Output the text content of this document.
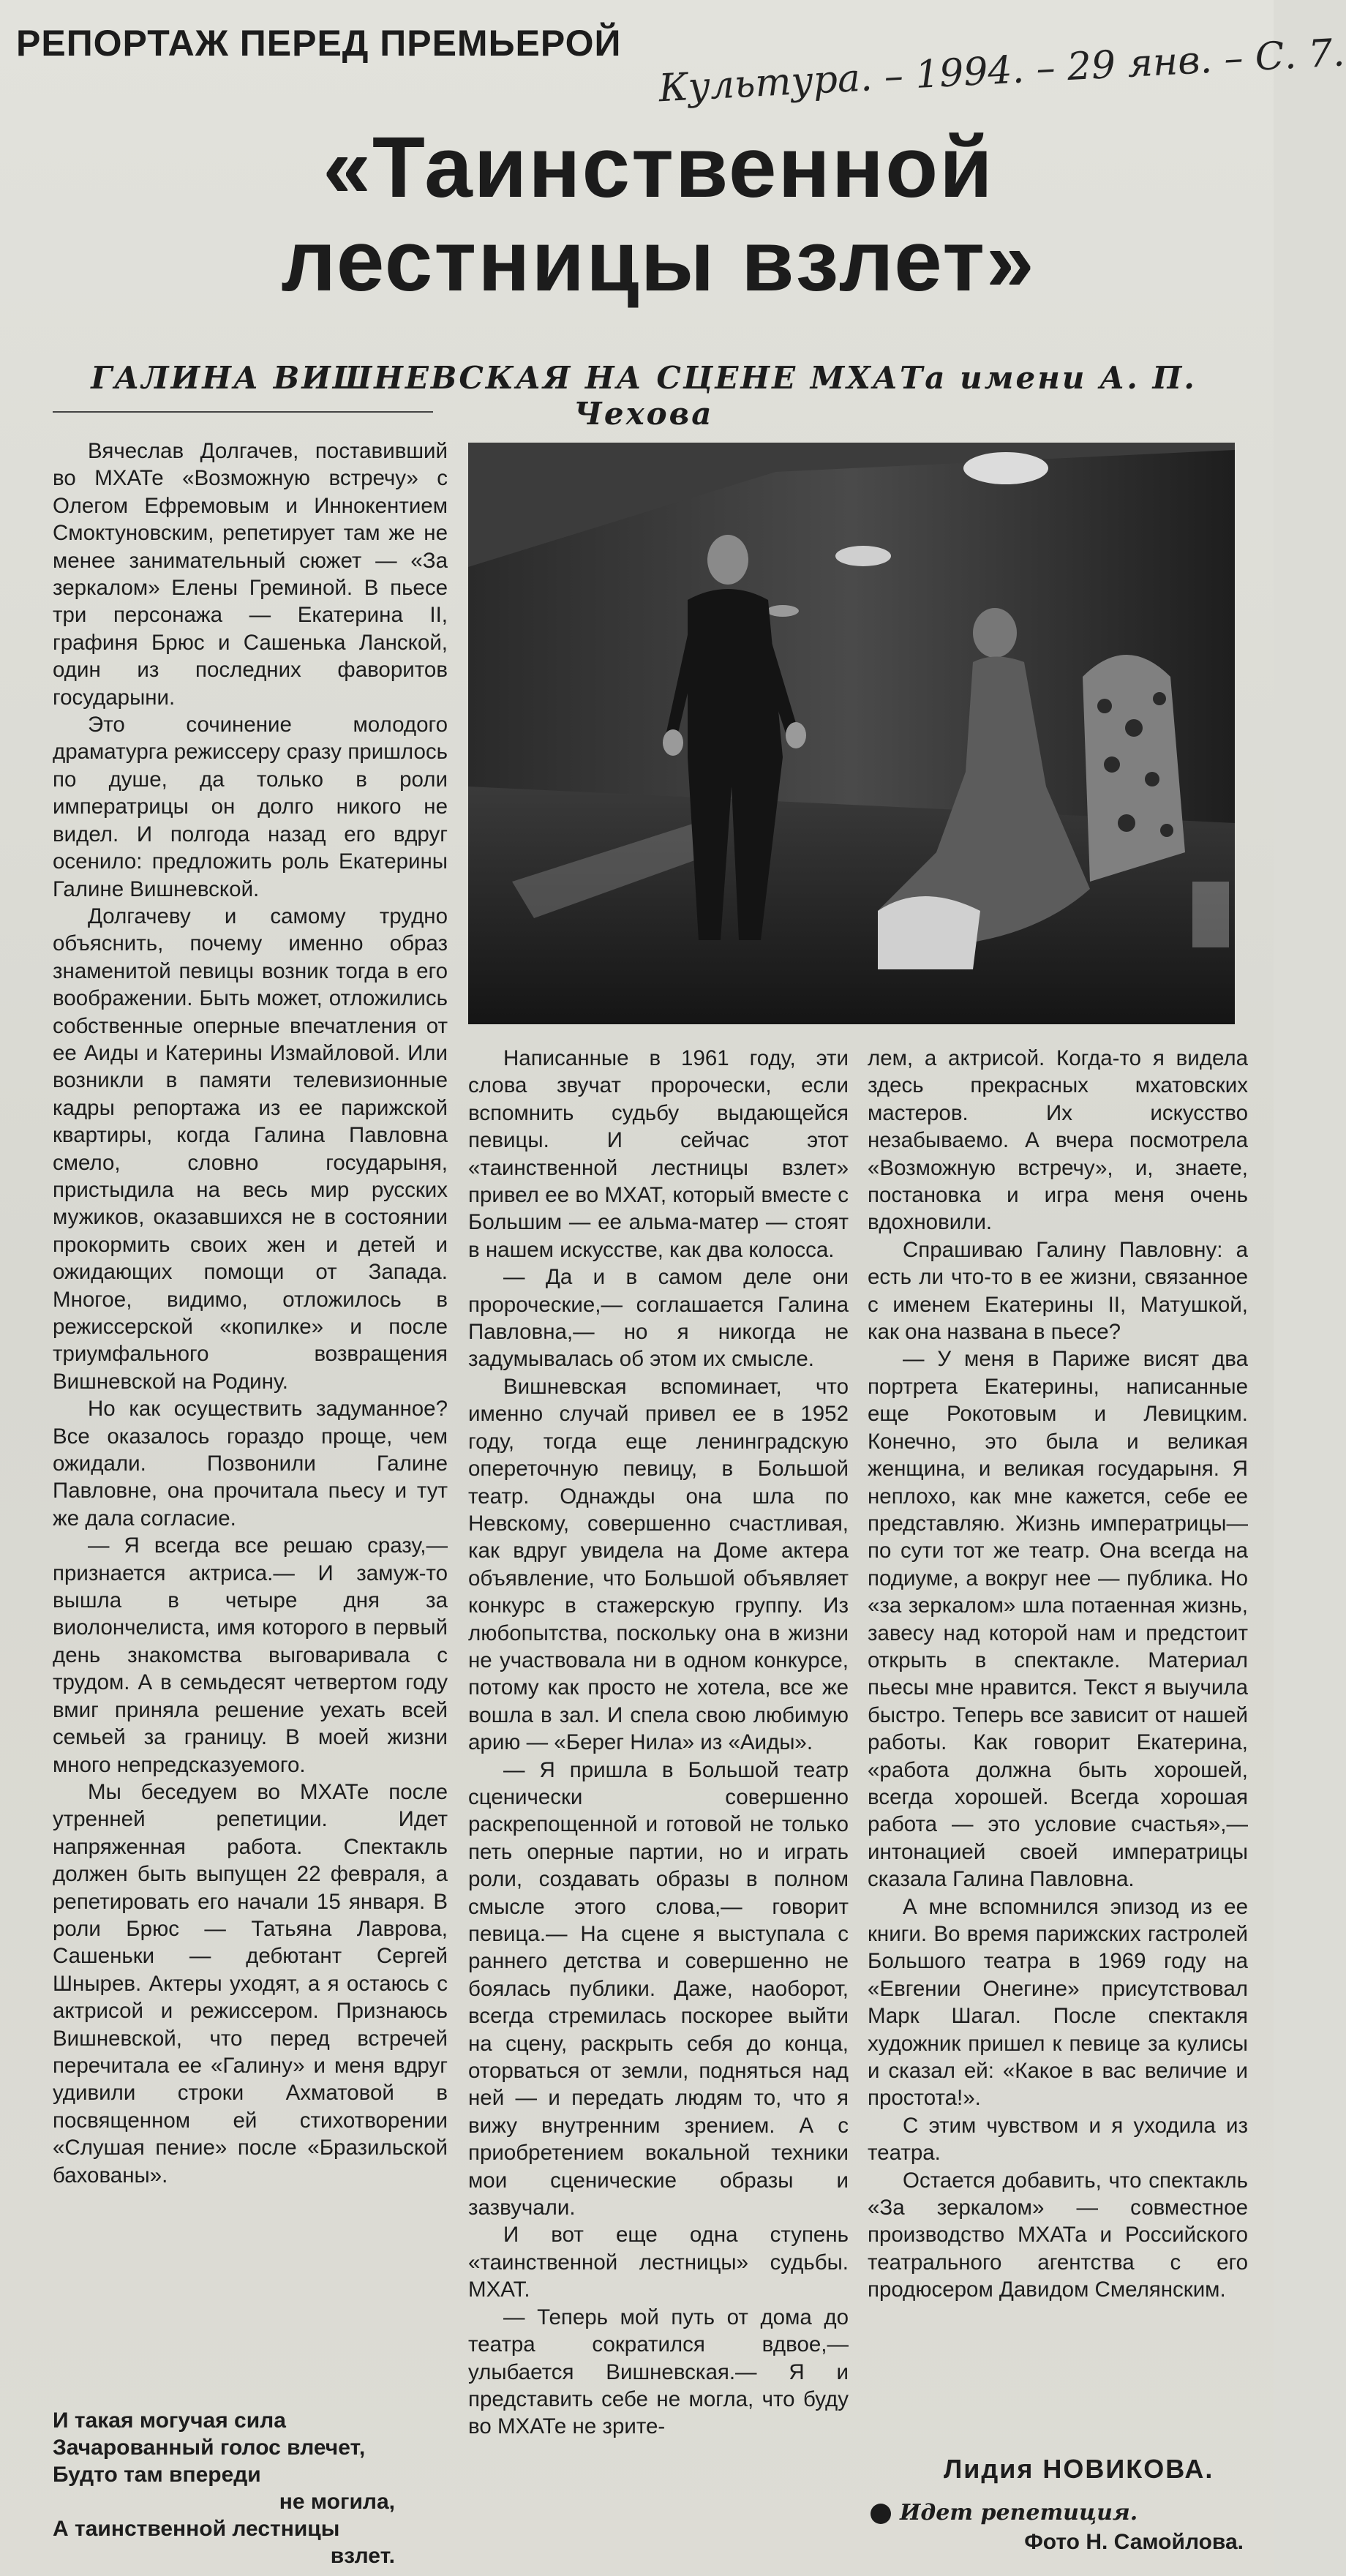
РЕПОРТАЖ ПЕРЕД ПРЕМЬЕРОЙ Культура. – 1994. – 29 янв. – С. 7.
«Таинственной
лестницы взлет»
ГАЛИНА ВИШНЕВСКАЯ НА СЦЕНЕ МХАТа имени А. П. Чехова

Вячеслав Долгачев, поставивший во МХАТе «Возможную встречу» с Олегом Ефремовым и Иннокентием Смоктуновским, репетирует там же не менее занимательный сюжет — «За зеркалом» Елены Греминой. В пьесе три персонажа — Екатерина II, графиня Брюс и Сашенька Ланской, один из последних фаворитов государыни.

Это сочинение молодого драматурга режиссеру сразу пришлось по душе, да только в роли императрицы он долго никого не видел. И полгода назад его вдруг осенило: предложить роль Екатерины Галине Вишневской.

Долгачеву и самому трудно объяснить, почему именно образ знаменитой певицы возник тогда в его воображении. Быть может, отложились собственные оперные впечатления от ее Аиды и Катерины Измайловой. Или возникли в памяти телевизионные кадры репортажа из ее парижской квартиры, когда Галина Павловна смело, словно государыня, пристыдила на весь мир русских мужиков, оказавшихся не в состоянии прокормить своих жен и детей и ожидающих помощи от Запада. Многое, видимо, отложилось в режиссерской «копилке» и после триумфального возвращения Вишневской на Родину.

Но как осуществить задуманное? Все оказалось гораздо проще, чем ожидали. Позвонили Галине Павловне, она прочитала пьесу и тут же дала согласие.

— Я всегда все решаю сразу,— признается актриса.— И замуж-то вышла в четыре дня за виолончелиста, имя которого в первый день знакомства выговаривала с трудом. А в семьдесят четвертом году вмиг приняла решение уехать всей семьей за границу. В моей жизни много непредсказуемого.

Мы беседуем во МХАТе после утренней репетиции. Идет напряженная работа. Спектакль должен быть выпущен 22 февраля, а репетировать его начали 15 января. В роли Брюс — Татьяна Лаврова, Сашеньки — дебютант Сергей Шнырев. Актеры уходят, а я остаюсь с актрисой и режиссером. Признаюсь Вишневской, что перед встречей перечитала ее «Галину» и меня вдруг удивили строки Ахматовой в посвященном ей стихотворении «Слушая пение» после «Бразильской бахованы».

И такая могучая сила
Зачарованный голос влечет,
Будто там впереди
не могила,
А таинственной лестницы
взлет.

Написанные в 1961 году, эти слова звучат пророчески, если вспомнить судьбу выдающейся певицы. И сейчас этот «таинственной лестницы взлет» привел ее во МХАТ, который вместе с Большим — ее альма-матер — стоят в нашем искусстве, как два колосса.

— Да и в самом деле они пророческие,— соглашается Галина Павловна,— но я никогда не задумывалась об этом их смысле.

Вишневская вспоминает, что именно случай привел ее в 1952 году, тогда еще ленинградскую опереточную певицу, в Большой театр. Однажды она шла по Невскому, совершенно счастливая, как вдруг увидела на Доме актера объявление, что Большой объявляет конкурс в стажерскую группу. Из любопытства, поскольку она в жизни не участвовала ни в одном конкурсе, потому как просто не хотела, все же вошла в зал. И спела свою любимую арию — «Берег Нила» из «Аиды».

— Я пришла в Большой театр сценически совершенно раскрепощенной и готовой не только петь оперные партии, но и играть роли, создавать образы в полном смысле этого слова,— говорит певица.— На сцене я выступала с раннего детства и совершенно не боялась публики. Даже, наоборот, всегда стремилась поскорее выйти на сцену, раскрыть себя до конца, оторваться от земли, подняться над ней — и передать людям то, что я вижу внутренним зрением. А с приобретением вокальной техники мои сценические образы и зазвучали.

И вот еще одна ступень «таинственной лестницы» судьбы. МХАТ.

— Теперь мой путь от дома до театра сократился вдвое,— улыбается Вишневская.— Я и представить себе не могла, что буду во МХАТе не зрите-

лем, а актрисой. Когда-то я видела здесь прекрасных мхатовских мастеров. Их искусство незабываемо. А вчера посмотрела «Возможную встречу», и, знаете, постановка и игра меня очень вдохновили.

Спрашиваю Галину Павловну: а есть ли что-то в ее жизни, связанное с именем Екатерины II, Матушкой, как она названа в пьесе?

— У меня в Париже висят два портрета Екатерины, написанные еще Рокотовым и Левицким. Конечно, это была и великая женщина, и великая государыня. Я неплохо, как мне кажется, себе ее представляю. Жизнь императрицы—по сути тот же театр. Она всегда на подиуме, а вокруг нее — публика. Но «за зеркалом» шла потаенная жизнь, завесу над которой нам и предстоит открыть в спектакле. Материал пьесы мне нравится. Текст я выучила быстро. Теперь все зависит от нашей работы. Как говорит Екатерина, «работа должна быть хорошей, всегда хорошей. Всегда хорошая работа — это условие счастья»,— интонацией своей императрицы сказала Галина Павловна.

А мне вспомнился эпизод из ее книги. Во время парижских гастролей Большого театра в 1969 году на «Евгении Онегине» присутствовал Марк Шагал. После спектакля художник пришел к певице за кулисы и сказал ей: «Какое в вас величие и простота!».

С этим чувством и я уходила из театра.

Остается добавить, что спектакль «За зеркалом» — совместное производство МХАТа и Российского театрального агентства с его продюсером Давидом Смелянским.

Лидия НОВИКОВА.
Идет репетиция.
Фото Н. Самойлова.
